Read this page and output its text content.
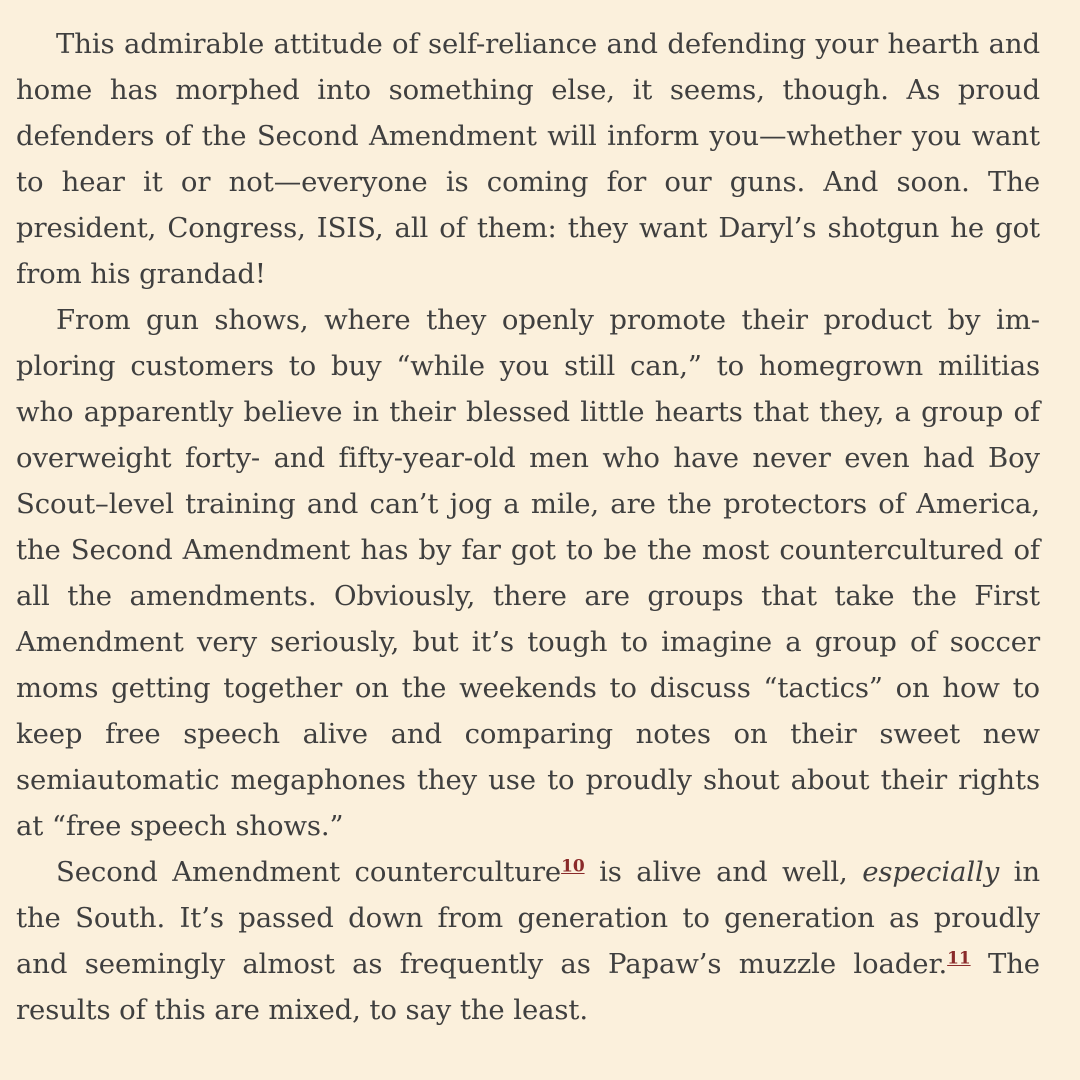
This admirable attitude of self-reliance and defending your hearth and home has morphed into something else, it seems, though. As proud defenders of the Second Amendment will inform you—whether you want to hear it or not—everyone is coming for our guns. And soon. The president, Congress, ISIS, all of them: they want Daryl’s shotgun he got from his grandad!

From gun shows, where they openly promote their product by imploring customers to buy “while you still can,” to homegrown militias who apparently believe in their blessed little hearts that they, a group of overweight forty- and fifty-year-old men who have never even had Boy Scout–level training and can’t jog a mile, are the protectors of America, the Second Amendment has by far got to be the most countercultured of all the amendments. Obviously, there are groups that take the First Amendment very seriously, but it’s tough to imagine a group of soccer moms getting together on the weekends to discuss “tactics” on how to keep free speech alive and comparing notes on their sweet new semiautomatic megaphones they use to proudly shout about their rights at “free speech shows.”

Second Amendment counterculture$^{10}$ is alive and well, especially in the South. It’s passed down from generation to generation as proudly and seemingly almost as frequently as Papaw’s muzzle loader.$^{11}$ The results of this are mixed, to say the least.
